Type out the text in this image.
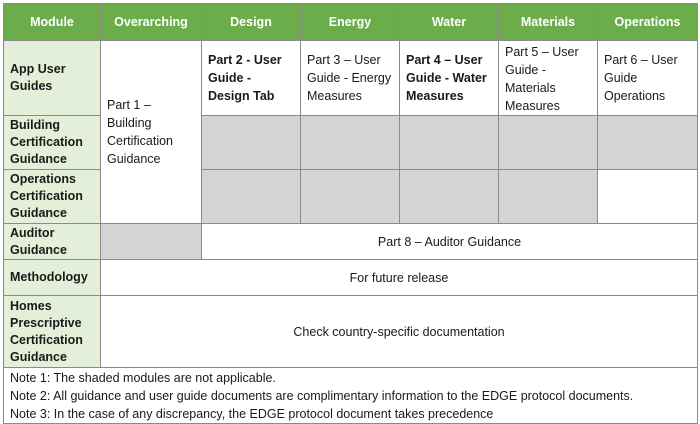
Module	Overarching	Design	Energy	Water	Materials	Operations
App User Guides	Part 1 – Building Certification Guidance	Part 2 - User Guide - Design Tab	Part 3 – User Guide - Energy Measures	Part 4 – User Guide - Water Measures	Part 5 – User Guide - Materials Measures	Part 6 – User Guide Operations
Building Certification Guidance						
Operations Certification Guidance						
Auditor Guidance		Part 8 – Auditor Guidance				
Methodology	For future release					
Homes Prescriptive Certification Guidance	Check country-specific documentation					

Note 1: The shaded modules are not applicable.
Note 2: All guidance and user guide documents are complimentary information to the EDGE protocol documents.
Note 3: In the case of any discrepancy, the EDGE protocol document takes precedence						
